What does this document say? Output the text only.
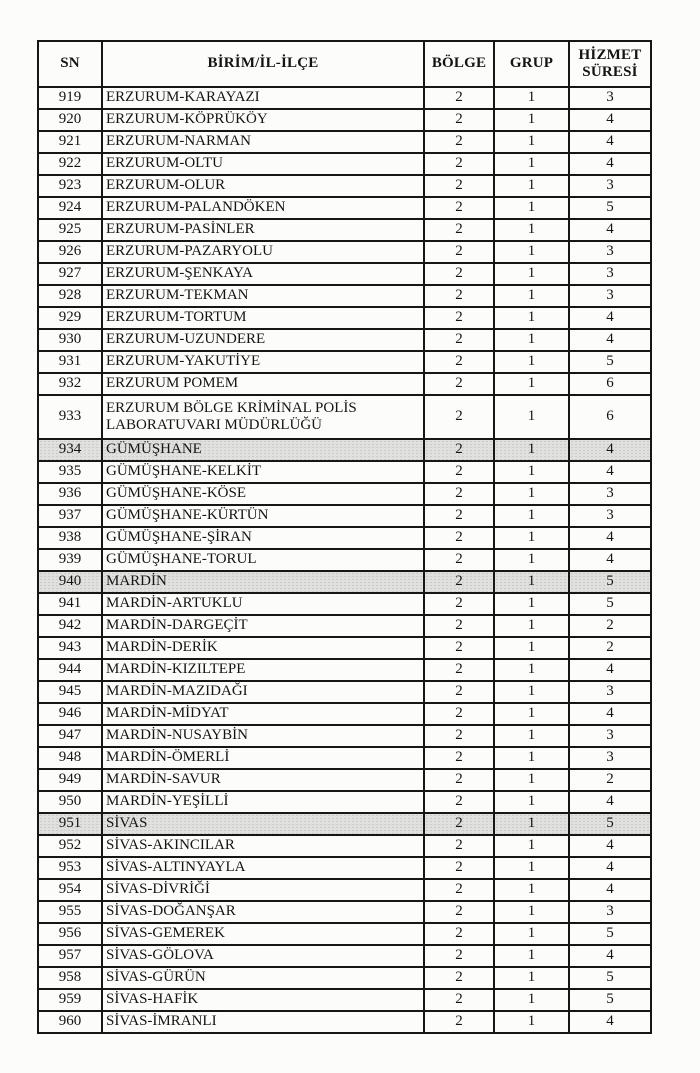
SN	BİRİM/İL-İLÇE	BÖLGE	GRUP	HİZMET SÜRESİ
919	ERZURUM-KARAYAZI	2	1	3
920	ERZURUM-KÖPRÜKÖY	2	1	4
921	ERZURUM-NARMAN	2	1	4
922	ERZURUM-OLTU	2	1	4
923	ERZURUM-OLUR	2	1	3
924	ERZURUM-PALANDÖKEN	2	1	5
925	ERZURUM-PASİNLER	2	1	4
926	ERZURUM-PAZARYOLU	2	1	3
927	ERZURUM-ŞENKAYA	2	1	3
928	ERZURUM-TEKMAN	2	1	3
929	ERZURUM-TORTUM	2	1	4
930	ERZURUM-UZUNDERE	2	1	4
931	ERZURUM-YAKUTİYE	2	1	5
932	ERZURUM POMEM	2	1	6
933	ERZURUM BÖLGE KRİMİNAL POLİS LABORATUVARI MÜDÜRLÜĞÜ	2	1	6
934	GÜMÜŞHANE	2	1	4
935	GÜMÜŞHANE-KELKİT	2	1	4
936	GÜMÜŞHANE-KÖSE	2	1	3
937	GÜMÜŞHANE-KÜRTÜN	2	1	3
938	GÜMÜŞHANE-ŞİRAN	2	1	4
939	GÜMÜŞHANE-TORUL	2	1	4
940	MARDİN	2	1	5
941	MARDİN-ARTUKLU	2	1	5
942	MARDİN-DARGEÇİT	2	1	2
943	MARDİN-DERİK	2	1	2
944	MARDİN-KIZILTEPE	2	1	4
945	MARDİN-MAZIDAĞI	2	1	3
946	MARDİN-MİDYAT	2	1	4
947	MARDİN-NUSAYBİN	2	1	3
948	MARDİN-ÖMERLİ	2	1	3
949	MARDİN-SAVUR	2	1	2
950	MARDİN-YEŞİLLİ	2	1	4
951	SİVAS	2	1	5
952	SİVAS-AKINCILAR	2	1	4
953	SİVAS-ALTINYAYLA	2	1	4
954	SİVAS-DİVRİĞİ	2	1	4
955	SİVAS-DOĞANŞAR	2	1	3
956	SİVAS-GEMEREK	2	1	5
957	SİVAS-GÖLOVA	2	1	4
958	SİVAS-GÜRÜN	2	1	5
959	SİVAS-HAFİK	2	1	5
960	SİVAS-İMRANLI	2	1	4
